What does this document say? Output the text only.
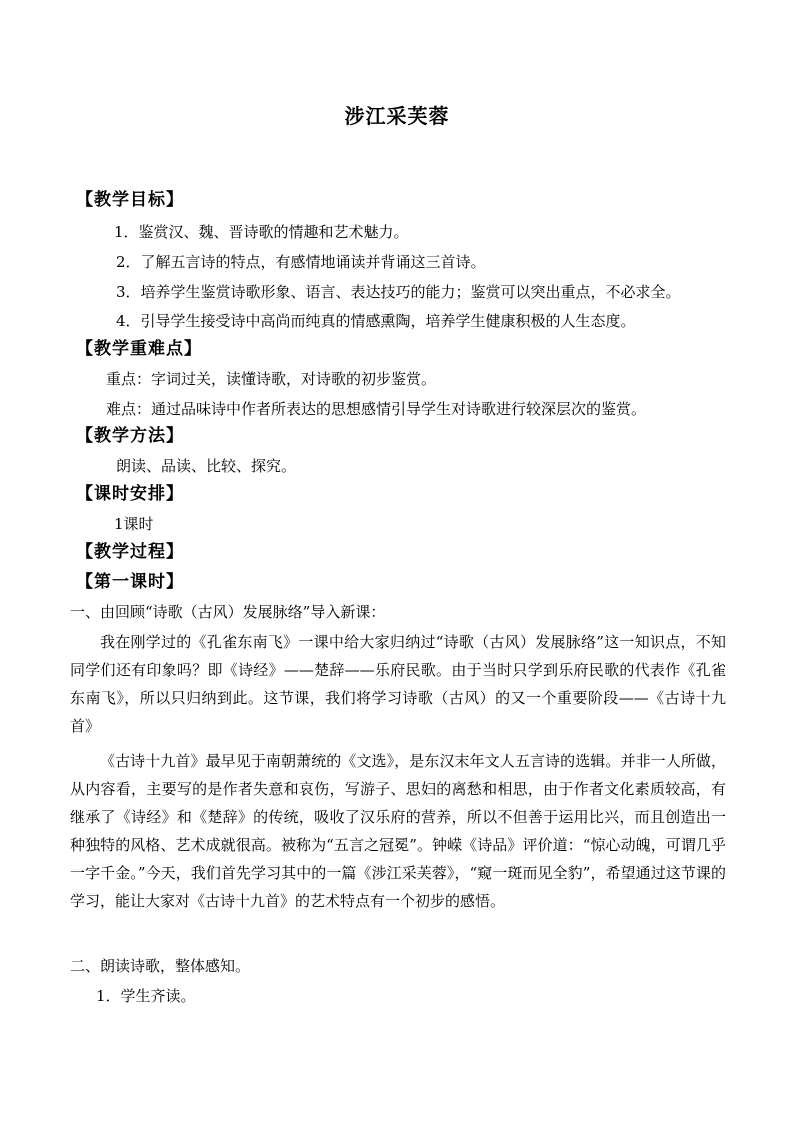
涉江采芙蓉
【教学目标】
1．鉴赏汉、魏、晋诗歌的情趣和艺术魅力。
2．了解五言诗的特点，有感情地诵读并背诵这三首诗。
3．培养学生鉴赏诗歌形象、语言、表达技巧的能力；鉴赏可以突出重点，不必求全。
4．引导学生接受诗中高尚而纯真的情感熏陶，培养学生健康积极的人生态度。
【教学重难点】
重点：字词过关，读懂诗歌，对诗歌的初步鉴赏。
难点：通过品味诗中作者所表达的思想感情引导学生对诗歌进行较深层次的鉴赏。
【教学方法】
朗读、品读、比较、探究。
【课时安排】
1课时
【教学过程】
【第一课时】
一、由回顾“诗歌（古风）发展脉络”导入新课：
我在刚学过的《孔雀东南飞》一课中给大家归纳过“诗歌（古风）发展脉络”这一知识点，不知同学们还有印象吗？即《诗经》——楚辞——乐府民歌。由于当时只学到乐府民歌的代表作《孔雀东南飞》，所以只归纳到此。这节课，我们将学习诗歌（古风）的又一个重要阶段——《古诗十九首》
《古诗十九首》最早见于南朝萧统的《文选》，是东汉末年文人五言诗的选辑。并非一人所做，从内容看，主要写的是作者失意和哀伤，写游子、思妇的离愁和相思，由于作者文化素质较高，有继承了《诗经》和《楚辞》的传统，吸收了汉乐府的营养，所以不但善于运用比兴，而且创造出一种独特的风格、艺术成就很高。被称为“五言之冠冕”。钟嵘《诗品》评价道：“惊心动魄，可谓几乎一字千金。”今天，我们首先学习其中的一篇《涉江采芙蓉》，“窥一斑而见全豹”，希望通过这节课的学习，能让大家对《古诗十九首》的艺术特点有一个初步的感悟。
二、朗读诗歌，整体感知。
1．学生齐读。
